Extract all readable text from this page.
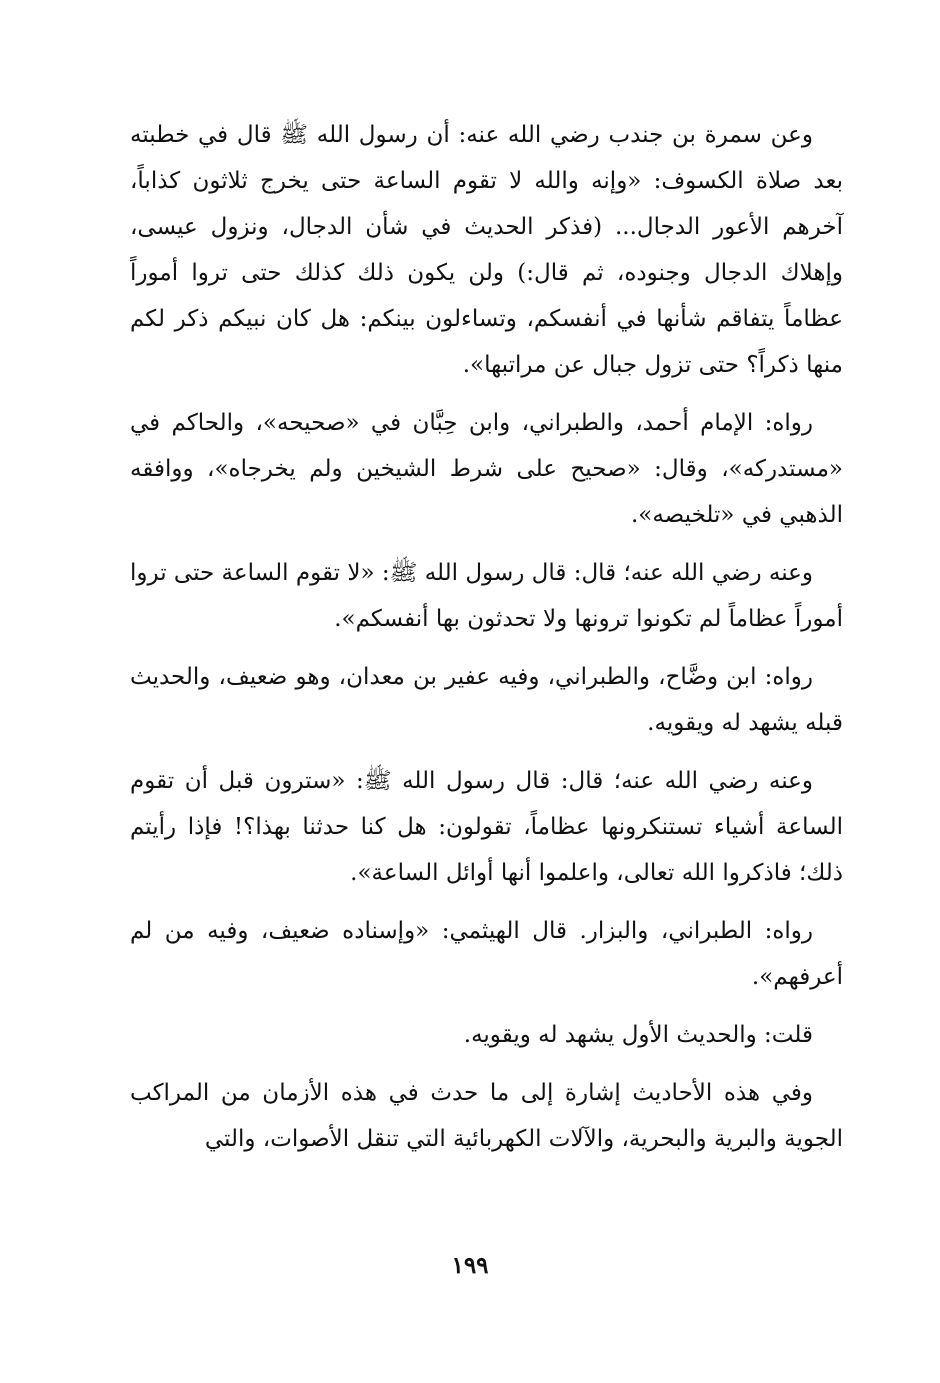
وعن سمرة بن جندب رضي الله عنه: أن رسول الله ﷺ قال في خطبته بعد صلاة الكسوف: «وإنه والله لا تقوم الساعة حتى يخرج ثلاثون كذاباً، آخرهم الأعور الدجال... (فذكر الحديث في شأن الدجال، ونزول عيسى، وإهلاك الدجال وجنوده، ثم قال:) ولن يكون ذلك كذلك حتى تروا أموراً عظاماً يتفاقم شأنها في أنفسكم، وتساءلون بينكم: هل كان نبيكم ذكر لكم منها ذكراً؟ حتى تزول جبال عن مراتبها».

رواه: الإمام أحمد، والطبراني، وابن حِبَّان في «صحيحه»، والحاكم في «مستدركه»، وقال: «صحيح على شرط الشيخين ولم يخرجاه»، ووافقه الذهبي في «تلخيصه».

وعنه رضي الله عنه؛ قال: قال رسول الله ﷺ: «لا تقوم الساعة حتى تروا أموراً عظاماً لم تكونوا ترونها ولا تحدثون بها أنفسكم».

رواه: ابن وضَّاح، والطبراني، وفيه عفير بن معدان، وهو ضعيف، والحديث قبله يشهد له ويقويه.

وعنه رضي الله عنه؛ قال: قال رسول الله ﷺ: «سترون قبل أن تقوم الساعة أشياء تستنكرونها عظاماً، تقولون: هل كنا حدثنا بهذا؟! فإذا رأيتم ذلك؛ فاذكروا الله تعالى، واعلموا أنها أوائل الساعة».

رواه: الطبراني، والبزار. قال الهيثمي: «وإسناده ضعيف، وفيه من لم أعرفهم».

قلت: والحديث الأول يشهد له ويقويه.

وفي هذه الأحاديث إشارة إلى ما حدث في هذه الأزمان من المراكب الجوية والبرية والبحرية، والآلات الكهربائية التي تنقل الأصوات، والتي

١٩٩
